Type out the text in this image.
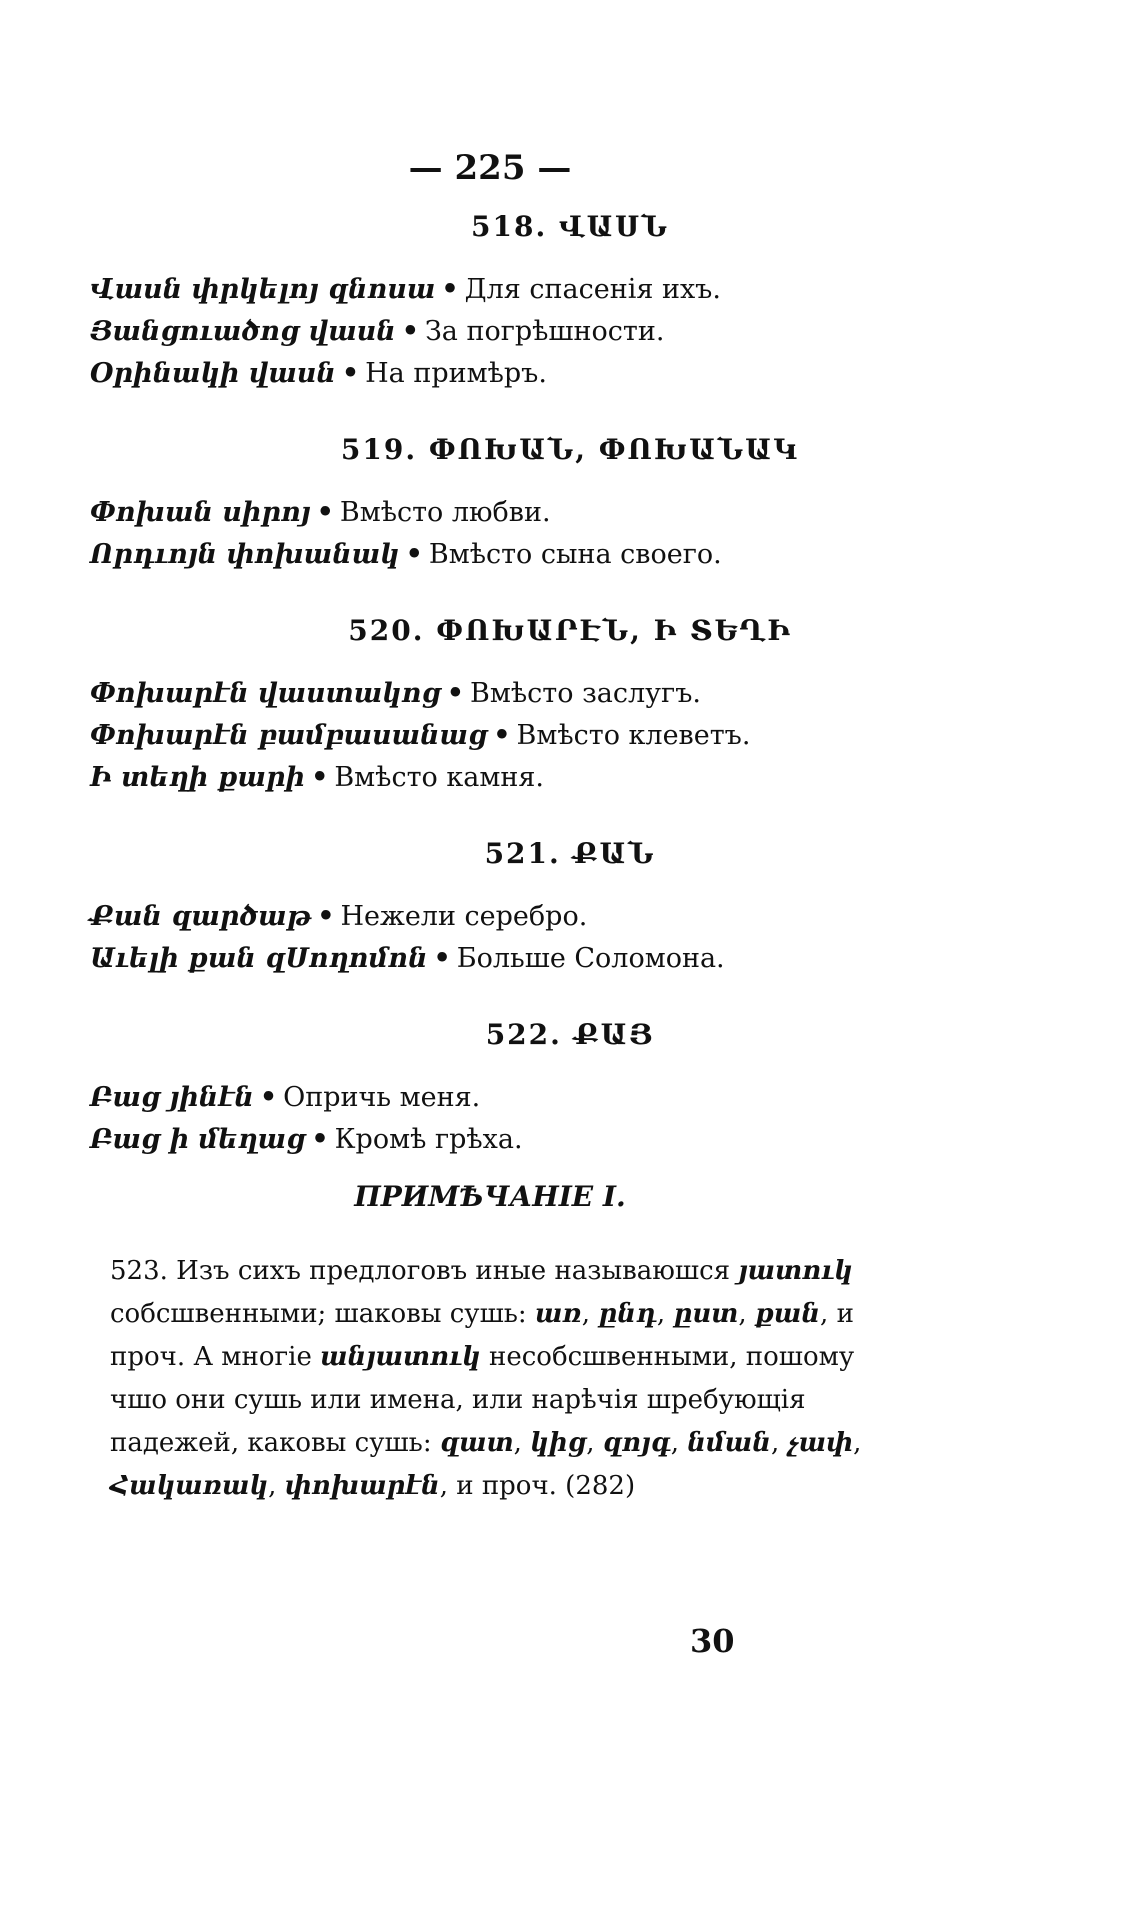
— 225 —
518. ՎԱՍՆ
Վասն փրկելոյ զնոսա • Для спасенія ихъ.
Յանցուածոց վասն • За погрѣшности.
Օրինակի վասն • На примѣръ.
519. ՓՈԽԱՆ, ՓՈԽԱՆԱԿ
Փոխան սիրոյ • Вмѣсто любви.
Որդւոյն փոխանակ • Вмѣсто сына своего.
520. ՓՈԽԱՐԷՆ, Ի ՏԵՂԻ
Փոխարէն վաստակոց • Вмѣсто заслугъ.
Փոխարէն բամբասանաց • Вмѣсто клеветъ.
Ի տեղի քարի • Вмѣсто камня.
521. ՔԱՆ
Քան զարծաթ • Нежели серебро.
Աւելի քան զՍողոմոն • Больше Соломона.
522. ՔԱՅ
Բաց յինէն • Опричь меня.
Բաց ի մեղաց • Кромѣ грѣха.
ПРИМѢЧАНІЕ I.
523. Изъ сихъ предлоговъ иные называюшся յատուկ собсшвенными; шаковы сушь: առ, ընդ, ըստ, քան, и проч. А многіе անյատուկ несобсшвенными, пошому чшо они сушь или имена, или нарѣчія шребующія падежей, каковы сушь: զատ, կից, զոյգ, նման, չափ, Հակառակ, փոխարէն, и проч. (282)
30
